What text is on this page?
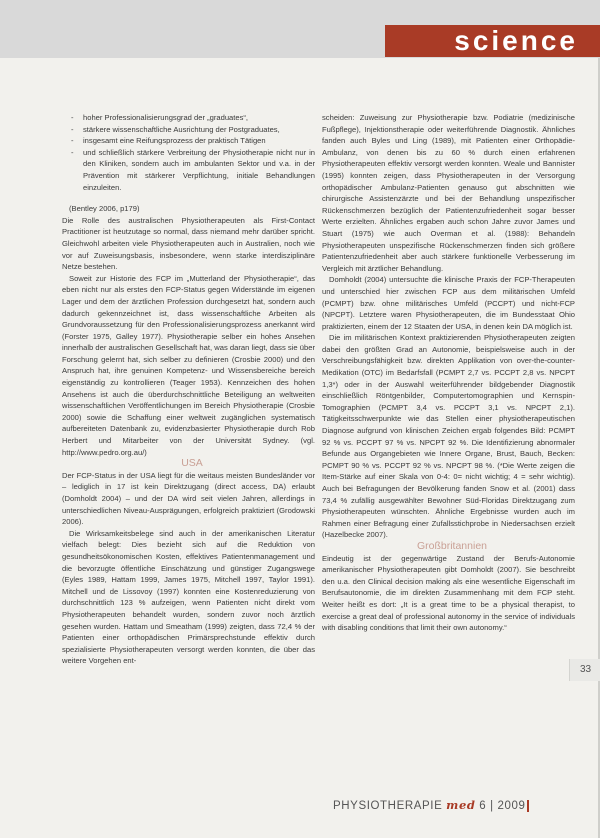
science
- hoher Professionalisierungsgrad der „graduates“,
- stärkere wissenschaftliche Ausrichtung der Postgraduates,
- insgesamt eine Reifungsprozess der praktisch Tätigen
- und schließlich stärkere Verbreitung der Physiotherapie nicht nur in den Kliniken, sondern auch im ambulanten Sektor und v.a. in der Prävention mit stärkerer Verpflichtung, initiale Behandlungen einzuleiten.

(Bentley 2006, p179)

Die Rolle des australischen Physiotherapeuten als First-Contact Practitioner ist heutzutage so normal, dass niemand mehr darüber spricht. Gleichwohl arbeiten viele Physiotherapeuten auch in Australien, noch wie vor auf Zuweisungsbasis, insbesondere, wenn starke interdisziplinäre Netze bestehen.

Soweit zur Historie des FCP im „Mutterland der Physiotherapie“, das eben nicht nur als erstes den FCP-Status gegen Widerstände im eigenen Lager und dem der ärztlichen Profession durchgesetzt hat, sondern auch dadurch gekennzeichnet ist, dass wissenschaftliche Arbeiten als Grundvoraussetzung für den Professionalisierungsprozess anerkannt wird (Forster 1975, Galley 1977). Physiotherapie selber ein hohes Ansehen innerhalb der australischen Gesellschaft hat, was daran liegt, dass sie über Forschung gelernt hat, sich selber zu definieren (Crosbie 2000) und den Anspruch hat, ihre genuinen Kompetenz- und Wissensbereiche bereich eigenständig zu kontrollieren (Teager 1953). Kennzeichen des hohen Ansehens ist auch die überdurchschnittliche Beteiligung an weltweiten wissenschaftlichen Veröffentlichungen im Bereich Physiotherapie (Crosbie 2000) sowie die Schaffung einer weltweit zugänglichen systematisch aufbereiteten Datenbank zu, evidenzbasierter Physiotherapie durch Rob Herbert und Mitarbeiter von der Universität Sydney. (vgl. http://www.pedro.org.au/)

USA

Der FCP-Status in der USA liegt für die weitaus meisten Bundesländer vor – lediglich in 17 ist kein Direktzugang (direct access, DA) erlaubt (Domholdt 2004) – und der DA wird seit vielen Jahren, allerdings in unterschiedlichen Niveau-Ausprägungen, erfolgreich praktiziert (Grodowski 2006).

Die Wirksamkeitsbelege sind auch in der amerikanischen Literatur vielfach belegt: Dies bezieht sich auf die Reduktion von gesundheitsökonomischen Kosten, effektives Patientenmanagement und die bevorzugte öffentliche Einschätzung und günstiger Zugangswege (Eyles 1989, Hattam 1999, James 1975, Mitchell 1997, Taylor 1991). Mitchell und de Lissovoy (1997) konnten eine Kostenreduzierung von durchschnittlich 123 % aufzeigen, wenn Patienten nicht direkt vom Physiotherapeuten behandelt wurden, sondern zuvor noch ärztlich gesehen wurden. Hattam und Smeatham (1999) zeigten, dass 72,4 % der Patienten einer orthopädischen Primärsprechstunde effektiv durch spezialisierte Physiotherapeuten versorgt werden konnten, die über das weitere Vorgehen ent-

scheiden: Zuweisung zur Physiotherapie bzw. Podiatrie (medizinische Fußpflege), Injektionstherapie oder weiterführende Diagnostik. Ähnliches fanden auch Byles und Ling (1989), mit Patienten einer Orthopädie-Ambulanz, von denen bis zu 60 % durch einen erfahrenen Physiotherapeuten effektiv versorgt werden konnten. Weale und Bannister (1995) konnten zeigen, dass Physiotherapeuten in der Versorgung orthopädischer Ambulanz-Patienten genauso gut abschnitten wie chirurgische Assistenzärzte und bei der Behandlung unspezifischer Rückenschmerzen bezüglich der Patientenzufriedenheit sogar besser Werte erzielten. Ähnliches ergaben auch schon Jahre zuvor James und Stuart (1975) wie auch Overman et al. (1988): Behandeln Physiotherapeuten unspezifische Rückenschmerzen finden sich größere Patientenzufriedenheit aber auch stärkere funktionelle Verbesserung im Vergleich mit ärztlicher Behandlung.

Domholdt (2004) untersuchte die klinische Praxis der FCP-Therapeuten und unterschied hier zwischen FCP aus dem militärischen Umfeld (PCMPT) bzw. ohne militärisches Umfeld (PCCPT) und nicht-FCP (NPCPT). Letztere waren Physiotherapeuten, die im Bundesstaat Ohio praktizierten, einem der 12 Staaten der USA, in denen kein DA möglich ist.

Die im militärischen Kontext praktizierenden Physiotherapeuten zeigten dabei den größten Grad an Autonomie, beispielsweise auch in der Verschreibungsfähigkeit bzw. direkten Applikation von over-the-counter-Medikation (OTC) im Bedarfsfall (PCMPT 2,7 vs. PCCPT 2,8 vs. NPCPT 1,3*) oder in der Auswahl weiterführender bildgebender Diagnostik einschließlich Röntgenbilder, Computertomographien und Kernspin-Tomographien (PCMPT 3,4 vs. PCCPT 3,1 vs. NPCPT 2,1). Tätigkeitsschwerpunkte wie das Stellen einer physiotherapeutischen Diagnose aufgrund von klinischen Zeichen ergab folgendes Bild: PCMPT 92 % vs. PCCPT 97 % vs. NPCPT 92 %. Die Identifizierung abnormaler Befunde aus Organgebieten wie Innere Organe, Brust, Bauch, Becken: PCMPT 90 % vs. PCCPT 92 % vs. NPCPT 98 %. (*Die Werte zeigen die Item-Stärke auf einer Skala von 0-4: 0= nicht wichtig; 4 = sehr wichtig). Auch bei Befragungen der Bevölkerung fanden Snow et al. (2001) dass 73,4 % zufällig ausgewählter Bewohner Süd-Floridas Direktzugang zum Physiotherapeuten wünschten. Ähnliche Ergebnisse wurden auch im Rahmen einer Befragung einer Zufallsstichprobe in Niedersachsen erzielt (Hazelbecke 2007).

Großbritannien

Eindeutig ist der gegenwärtige Zustand der Berufs-Autonomie amerikanischer Physiotherapeuten gibt Domholdt (2007). Sie beschreibt den u.a. den Clinical decision making als eine wesentliche Eigenschaft im Berufsautonomie, die im direkten Zusammenhang mit dem FCP steht. Weiter heißt es dort: „It is a great time to be a physical therapist, to exercise a great deal of professional autonomy in the service of individuals with disabling conditions that limit their own autonomy.“

33
PHYSIOTHERAPIE med 6 | 2009
